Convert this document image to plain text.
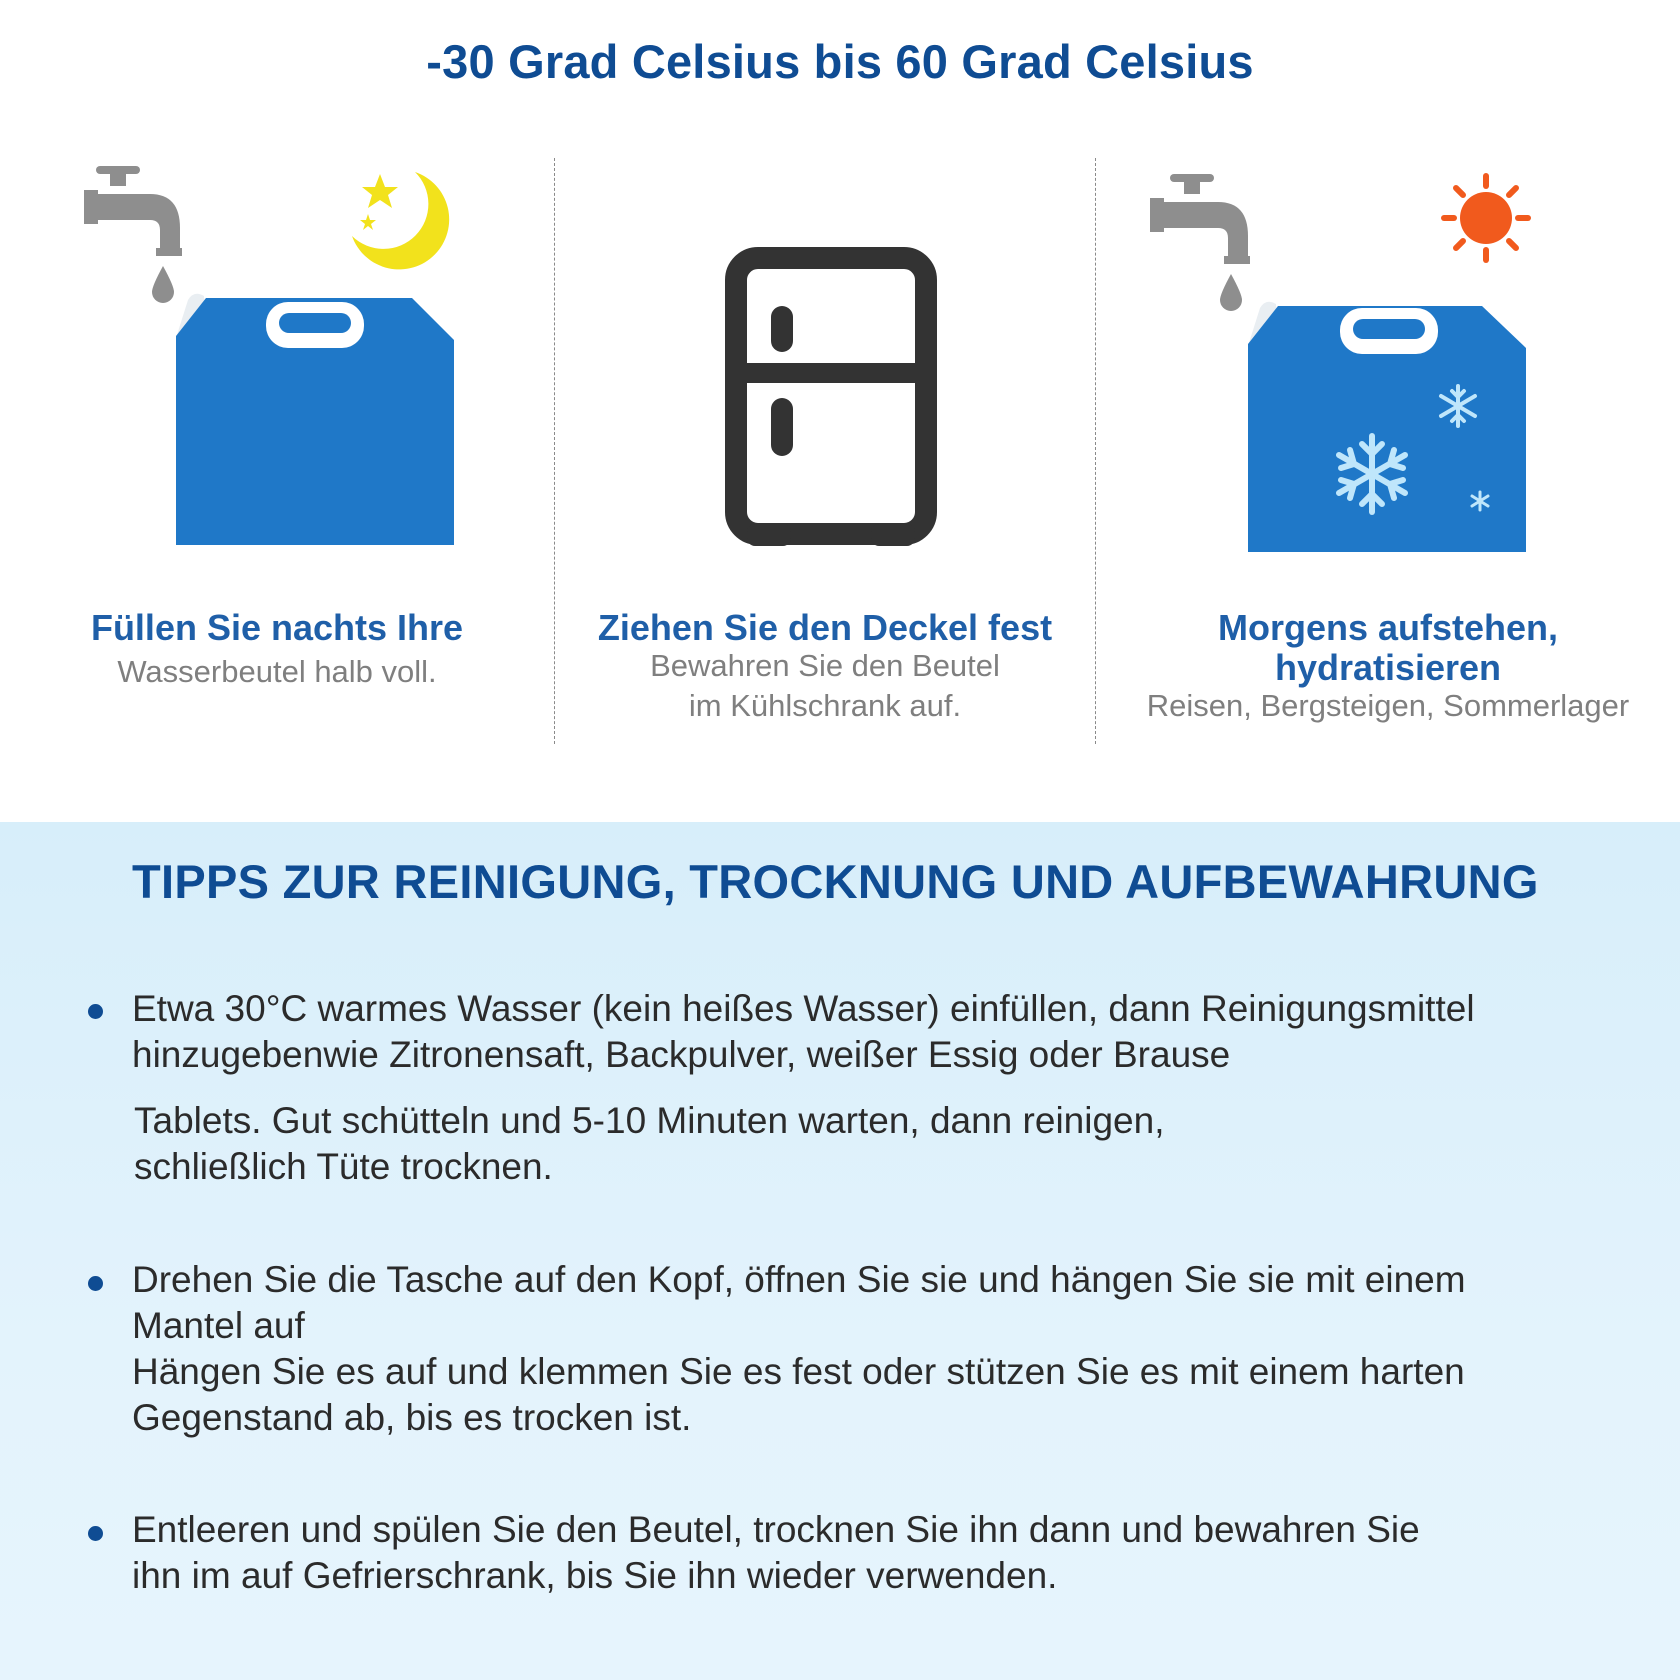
-30 Grad Celsius bis 60 Grad Celsius
Füllen Sie nachts Ihre
Wasserbeutel halb voll.
Ziehen Sie den Deckel fest
Bewahren Sie den Beutel
im Kühlschrank auf.
Morgens aufstehen,
hydratisieren
Reisen, Bergsteigen, Sommerlager
TIPPS ZUR REINIGUNG, TROCKNUNG UND AUFBEWAHRUNG
Etwa 30°C warmes Wasser (kein heißes Wasser) einfüllen, dann Reinigungsmittel
hinzugebenwie Zitronensaft, Backpulver, weißer Essig oder Brause
Tablets. Gut schütteln und 5-10 Minuten warten, dann reinigen,
schließlich Tüte trocknen.
Drehen Sie die Tasche auf den Kopf, öffnen Sie sie und hängen Sie sie mit einem
Mantel auf
Hängen Sie es auf und klemmen Sie es fest oder stützen Sie es mit einem harten
Gegenstand ab, bis es trocken ist.
Entleeren und spülen Sie den Beutel, trocknen Sie ihn dann und bewahren Sie
ihn im auf Gefrierschrank, bis Sie ihn wieder verwenden.
